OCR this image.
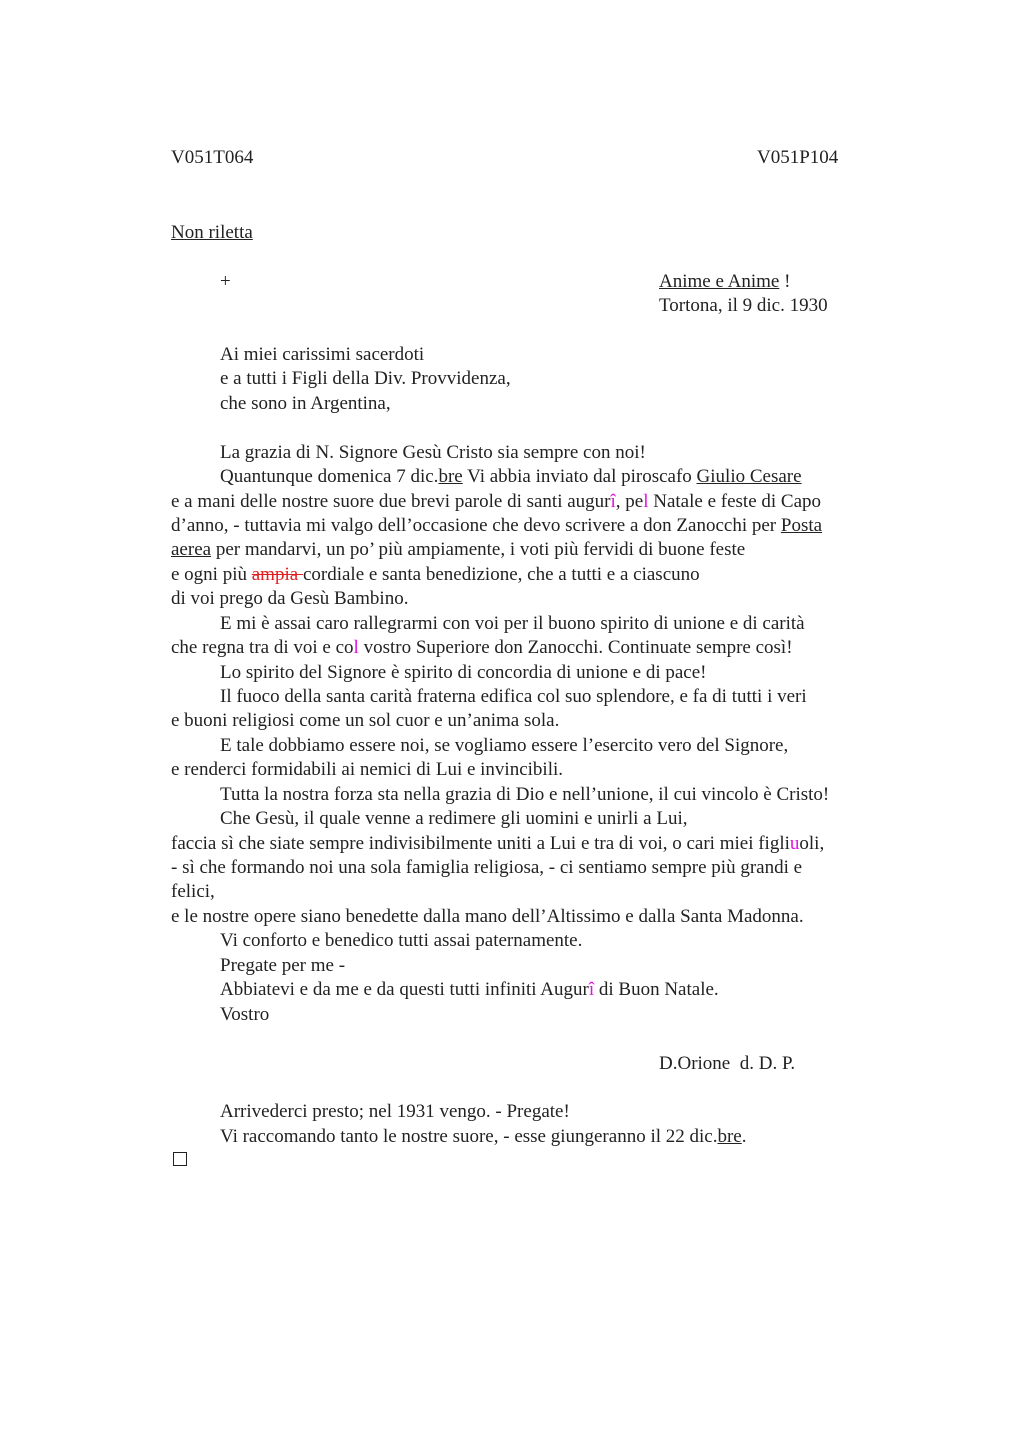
V051T064	V051P104
Non riletta
+	Anime e Anime !
Tortona, il 9 dic. 1930
Ai miei carissimi sacerdoti
e a tutti i Figli della Div. Provvidenza,
che sono in Argentina,
La grazia di N. Signore Gesù Cristo sia sempre con noi!
Quantunque domenica 7 dic.bre Vi abbia inviato dal piroscafo Giulio Cesare
e a mani delle nostre suore due brevi parole di santi augurî, pel Natale e feste di Capo
d’anno, - tuttavia mi valgo dell’occasione che devo scrivere a don Zanocchi per Posta
aerea per mandarvi, un po’ più ampiamente, i voti più fervidi di buone feste
e ogni più ampia cordiale e santa benedizione, che a tutti e a ciascuno
di voi prego da Gesù Bambino.
E mi è assai caro rallegrarmi con voi per il buono spirito di unione e di carità
che regna tra di voi e col vostro Superiore don Zanocchi. Continuate sempre così!
Lo spirito del Signore è spirito di concordia di unione e di pace!
Il fuoco della santa carità fraterna edifica col suo splendore, e fa di tutti i veri
e buoni religiosi come un sol cuor e un’anima sola.
E tale dobbiamo essere noi, se vogliamo essere l’esercito vero del Signore,
e renderci formidabili ai nemici di Lui e invincibili.
Tutta la nostra forza sta nella grazia di Dio e nell’unione, il cui vincolo è Cristo!
Che Gesù, il quale venne a redimere gli uomini e unirli a Lui,
faccia sì che siate sempre indivisibilmente uniti a Lui e tra di voi, o cari miei figliuoli,
- sì che formando noi una sola famiglia religiosa, - ci sentiamo sempre più grandi e
felici,
e le nostre opere siano benedette dalla mano dell’Altissimo e dalla Santa Madonna.
Vi conforto e benedico tutti assai paternamente.
Pregate per me -
Abbiatevi e da me e da questi tutti infiniti Augurî di Buon Natale.
Vostro
D.Orione  d. D. P.
Arrivederci presto; nel 1931 vengo. - Pregate!
Vi raccomando tanto le nostre suore, - esse giungeranno il 22 dic.bre.
